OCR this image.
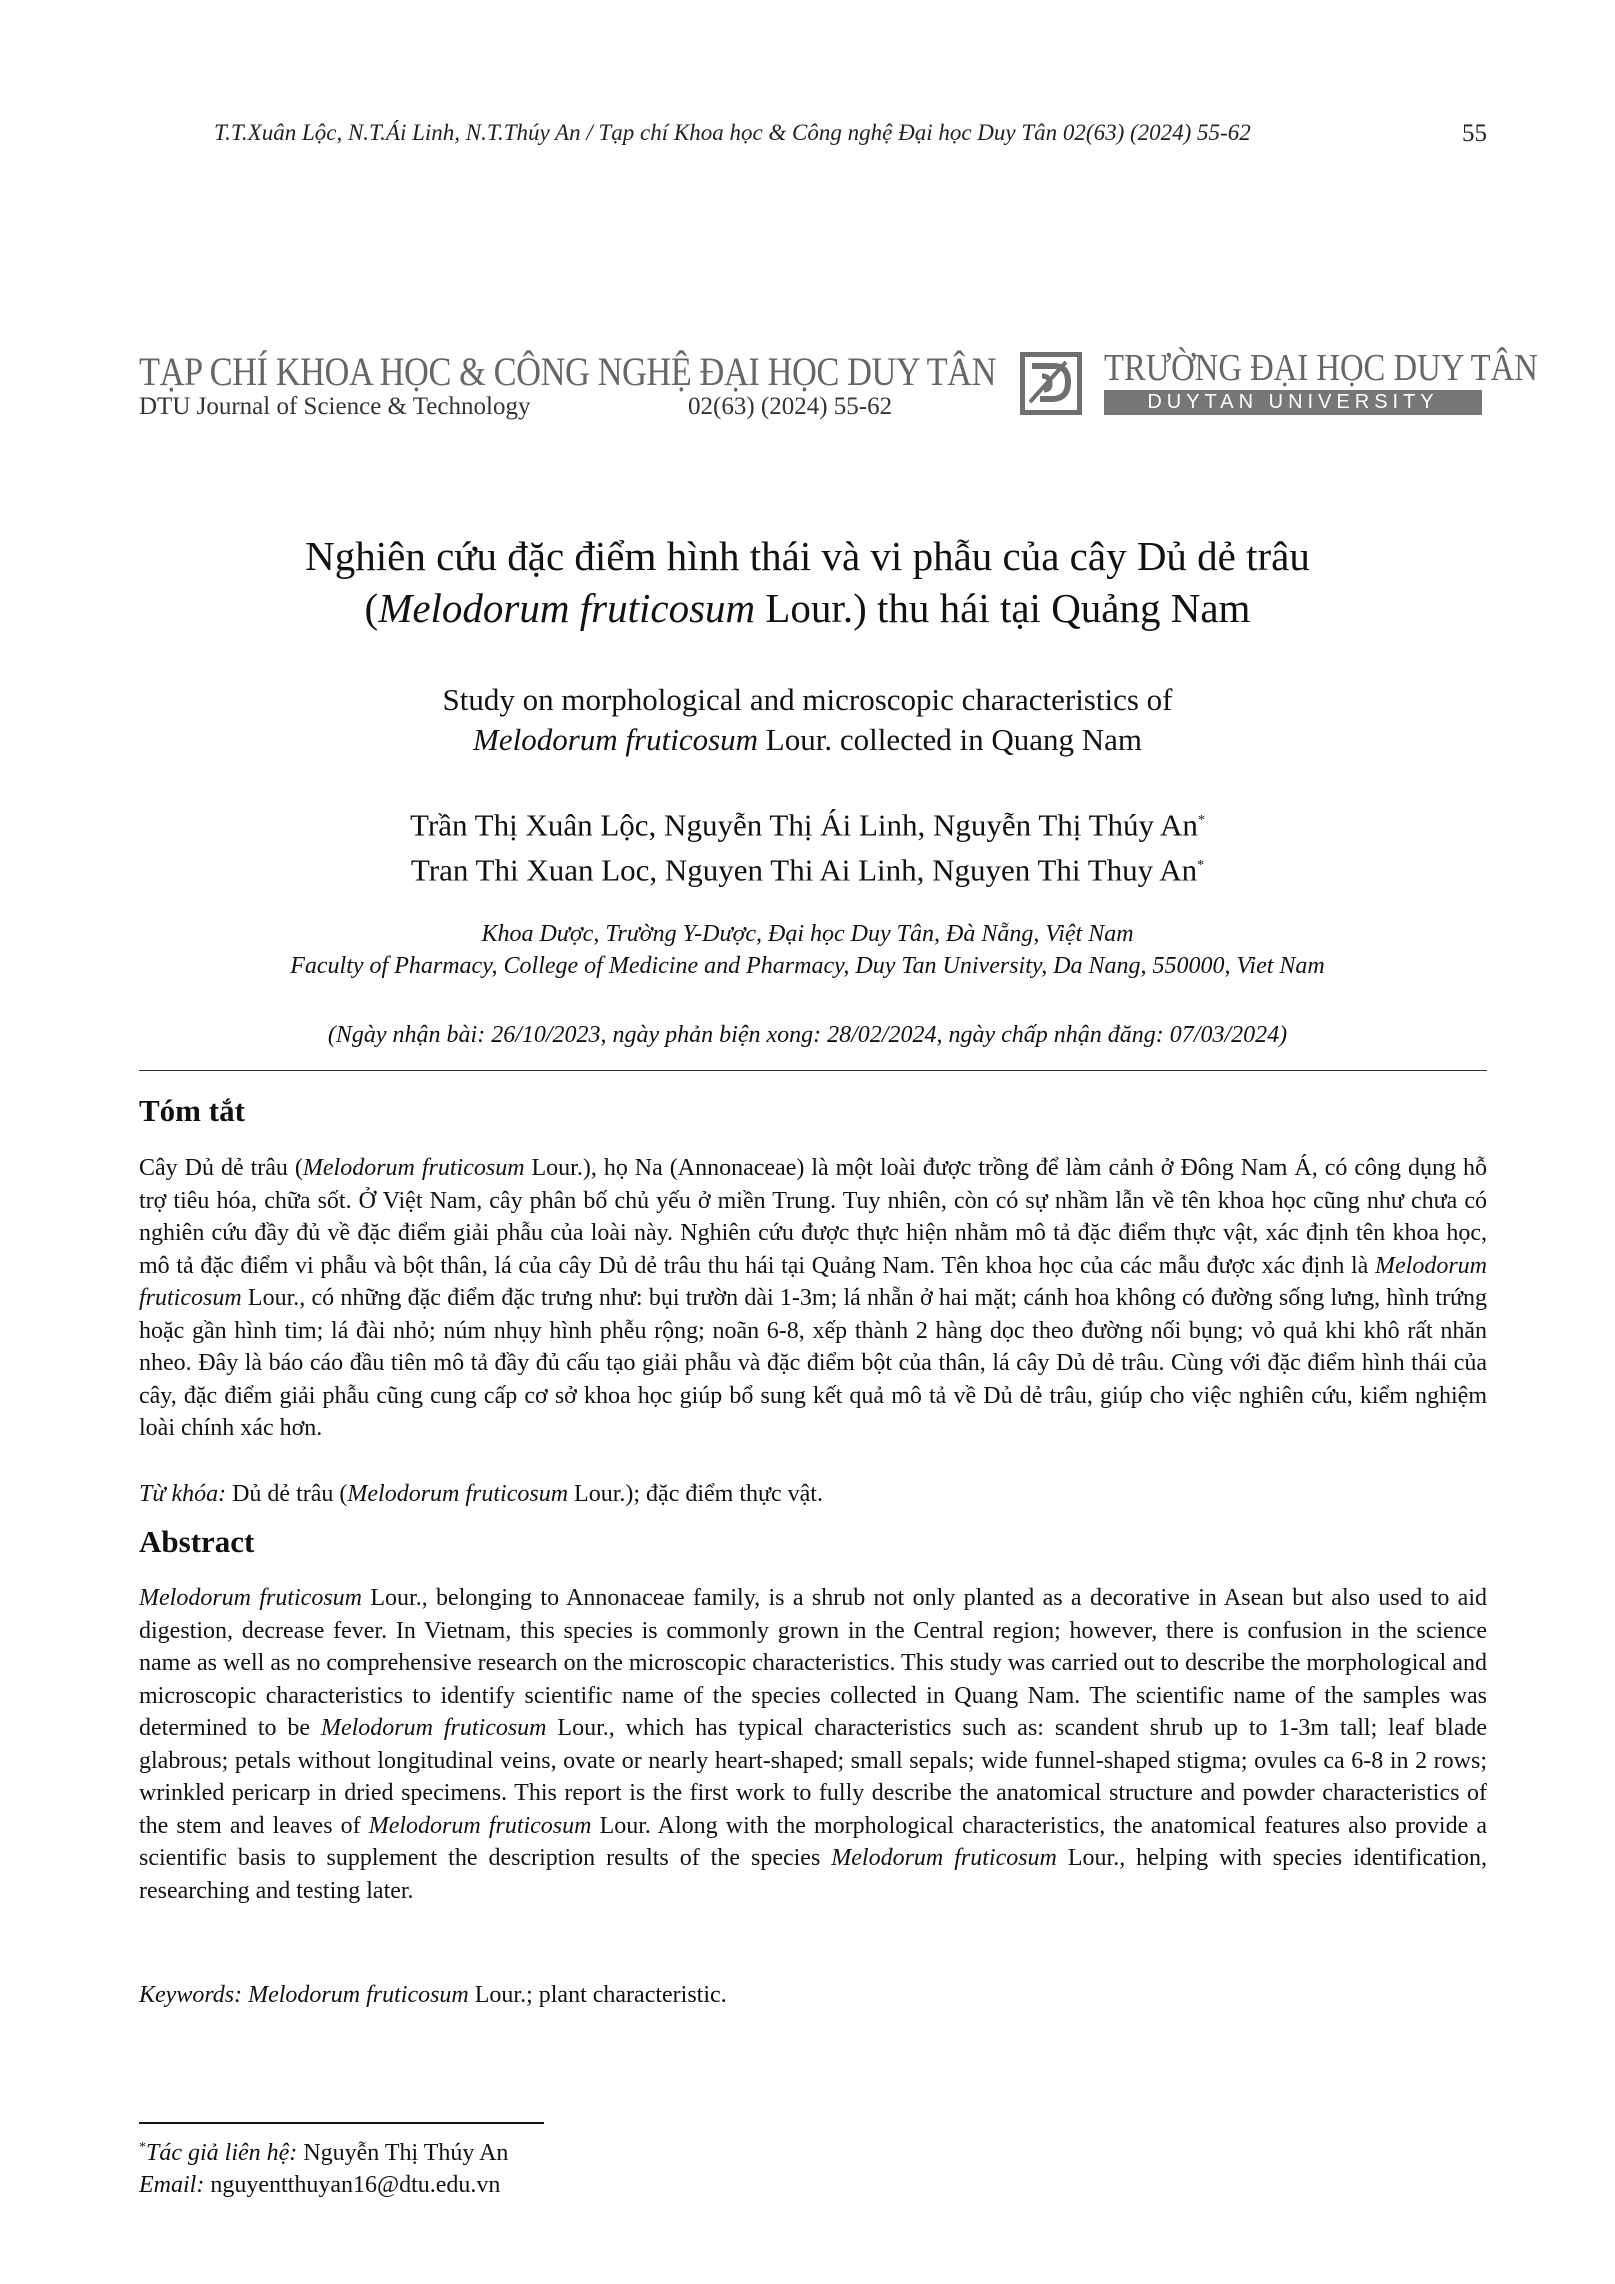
T.T.Xuân Lộc, N.T.Ái Linh, N.T.Thúy An / Tạp chí Khoa học & Công nghệ Đại học Duy Tân 02(63) (2024) 55-62	55
TẠP CHÍ KHOA HỌC & CÔNG NGHỆ ĐẠI HỌC DUY TÂN
DTU Journal of Science & Technology	02(63) (2024) 55-62
TRƯỜNG ĐẠI HỌC DUY TÂN
DUYTAN UNIVERSITY
Nghiên cứu đặc điểm hình thái và vi phẫu của cây Dủ dẻ trâu
(Melodorum fruticosum Lour.) thu hái tại Quảng Nam
Study on morphological and microscopic characteristics of
Melodorum fruticosum Lour. collected in Quang Nam
Trần Thị Xuân Lộc, Nguyễn Thị Ái Linh, Nguyễn Thị Thúy An*
Tran Thi Xuan Loc, Nguyen Thi Ai Linh, Nguyen Thi Thuy An*
Khoa Dược, Trường Y-Dược, Đại học Duy Tân, Đà Nẵng, Việt Nam
Faculty of Pharmacy, College of Medicine and Pharmacy, Duy Tan University, Da Nang, 550000, Viet Nam
(Ngày nhận bài: 26/10/2023, ngày phản biện xong: 28/02/2024, ngày chấp nhận đăng: 07/03/2024)
Tóm tắt
Cây Dủ dẻ trâu (Melodorum fruticosum Lour.), họ Na (Annonaceae) là một loài được trồng để làm cảnh ở Đông Nam Á, có công dụng hỗ trợ tiêu hóa, chữa sốt. Ở Việt Nam, cây phân bố chủ yếu ở miền Trung. Tuy nhiên, còn có sự nhầm lẫn về tên khoa học cũng như chưa có nghiên cứu đầy đủ về đặc điểm giải phẫu của loài này. Nghiên cứu được thực hiện nhằm mô tả đặc điểm thực vật, xác định tên khoa học, mô tả đặc điểm vi phẫu và bột thân, lá của cây Dủ dẻ trâu thu hái tại Quảng Nam. Tên khoa học của các mẫu được xác định là Melodorum fruticosum Lour., có những đặc điểm đặc trưng như: bụi trườn dài 1-3m; lá nhẵn ở hai mặt; cánh hoa không có đường sống lưng, hình trứng hoặc gần hình tim; lá đài nhỏ; núm nhụy hình phễu rộng; noãn 6-8, xếp thành 2 hàng dọc theo đường nối bụng; vỏ quả khi khô rất nhăn nheo. Đây là báo cáo đầu tiên mô tả đầy đủ cấu tạo giải phẫu và đặc điểm bột của thân, lá cây Dủ dẻ trâu. Cùng với đặc điểm hình thái của cây, đặc điểm giải phẫu cũng cung cấp cơ sở khoa học giúp bổ sung kết quả mô tả về Dủ dẻ trâu, giúp cho việc nghiên cứu, kiểm nghiệm loài chính xác hơn.
Từ khóa: Dủ dẻ trâu (Melodorum fruticosum Lour.); đặc điểm thực vật.
Abstract
Melodorum fruticosum Lour., belonging to Annonaceae family, is a shrub not only planted as a decorative in Asean but also used to aid digestion, decrease fever. In Vietnam, this species is commonly grown in the Central region; however, there is confusion in the science name as well as no comprehensive research on the microscopic characteristics. This study was carried out to describe the morphological and microscopic characteristics to identify scientific name of the species collected in Quang Nam. The scientific name of the samples was determined to be Melodorum fruticosum Lour., which has typical characteristics such as: scandent shrub up to 1-3m tall; leaf blade glabrous; petals without longitudinal veins, ovate or nearly heart-shaped; small sepals; wide funnel-shaped stigma; ovules ca 6-8 in 2 rows; wrinkled pericarp in dried specimens. This report is the first work to fully describe the anatomical structure and powder characteristics of the stem and leaves of Melodorum fruticosum Lour. Along with the morphological characteristics, the anatomical features also provide a scientific basis to supplement the description results of the species Melodorum fruticosum Lour., helping with species identification, researching and testing later.
Keywords: Melodorum fruticosum Lour.; plant characteristic.
*Tác giả liên hệ: Nguyễn Thị Thúy An
Email: nguyentthuyan16@dtu.edu.vn
